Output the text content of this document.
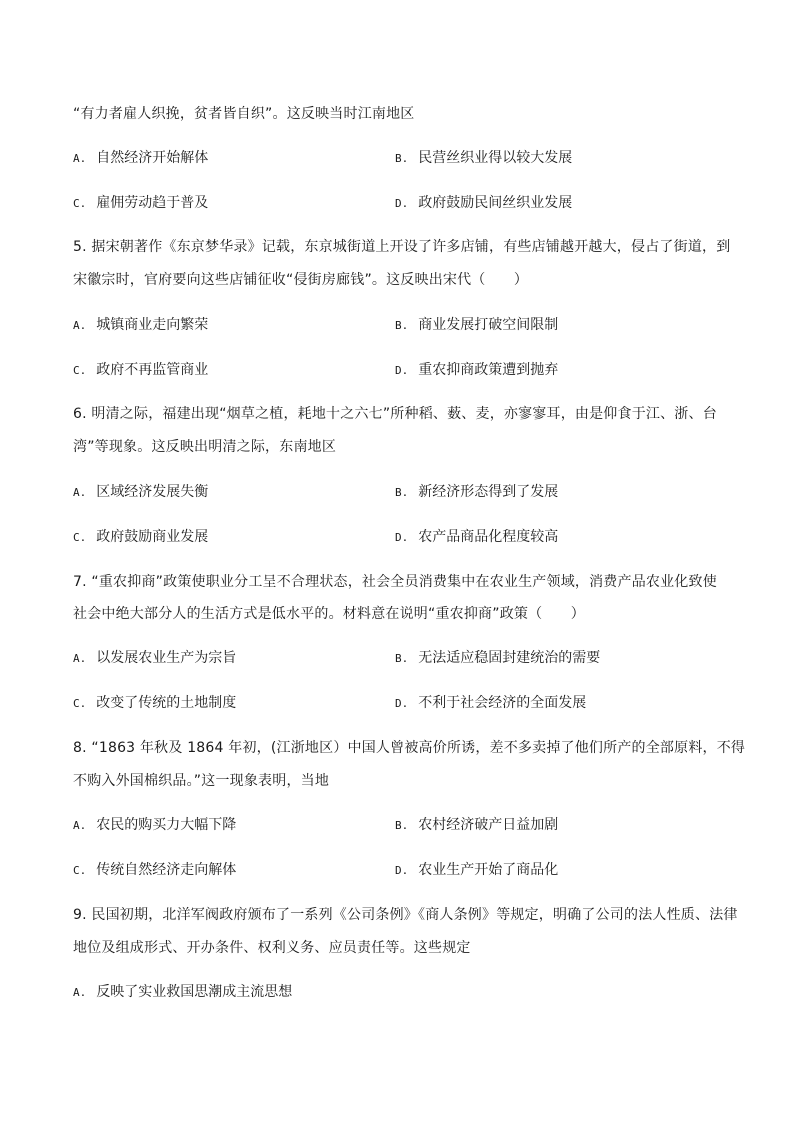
“有力者雇人织挽，贫者皆自织”。这反映当时江南地区
A. 自然经济开始解体	B. 民营丝织业得以较大发展
C. 雇佣劳动趋于普及	D. 政府鼓励民间丝织业发展
5. 据宋朝著作《东京梦华录》记载，东京城街道上开设了许多店铺，有些店铺越开越大，侵占了街道，到
宋徽宗时，官府要向这些店铺征收“侵街房廊钱”。这反映出宋代（　　）
A. 城镇商业走向繁荣	B. 商业发展打破空间限制
C. 政府不再监管商业	D. 重农抑商政策遭到抛弃
6. 明清之际，福建出现“烟草之植，耗地十之六七”所种稻、薮、麦，亦寥寥耳，由是仰食于江、浙、台
湾”等现象。这反映出明清之际，东南地区
A. 区域经济发展失衡	B. 新经济形态得到了发展
C. 政府鼓励商业发展	D. 农产品商品化程度较高
7. “重农抑商”政策使职业分工呈不合理状态，社会全员消费集中在农业生产领域，消费产品农业化致使
社会中绝大部分人的生活方式是低水平的。材料意在说明“重农抑商”政策（　　）
A. 以发展农业生产为宗旨	B. 无法适应稳固封建统治的需要
C. 改变了传统的土地制度	D. 不利于社会经济的全面发展
8. “1863 年秋及 1864 年初，(江浙地区）中国人曾被高价所诱，差不多卖掉了他们所产的全部原料，不得
不购入外国棉织品。”这一现象表明，当地
A. 农民的购买力大幅下降	B. 农村经济破产日益加剧
C. 传统自然经济走向解体	D. 农业生产开始了商品化
9. 民国初期，北洋军阀政府颁布了一系列《公司条例》《商人条例》等规定，明确了公司的法人性质、法律
地位及组成形式、开办条件、权利义务、应员责任等。这些规定
A. 反映了实业救国思潮成主流思想
